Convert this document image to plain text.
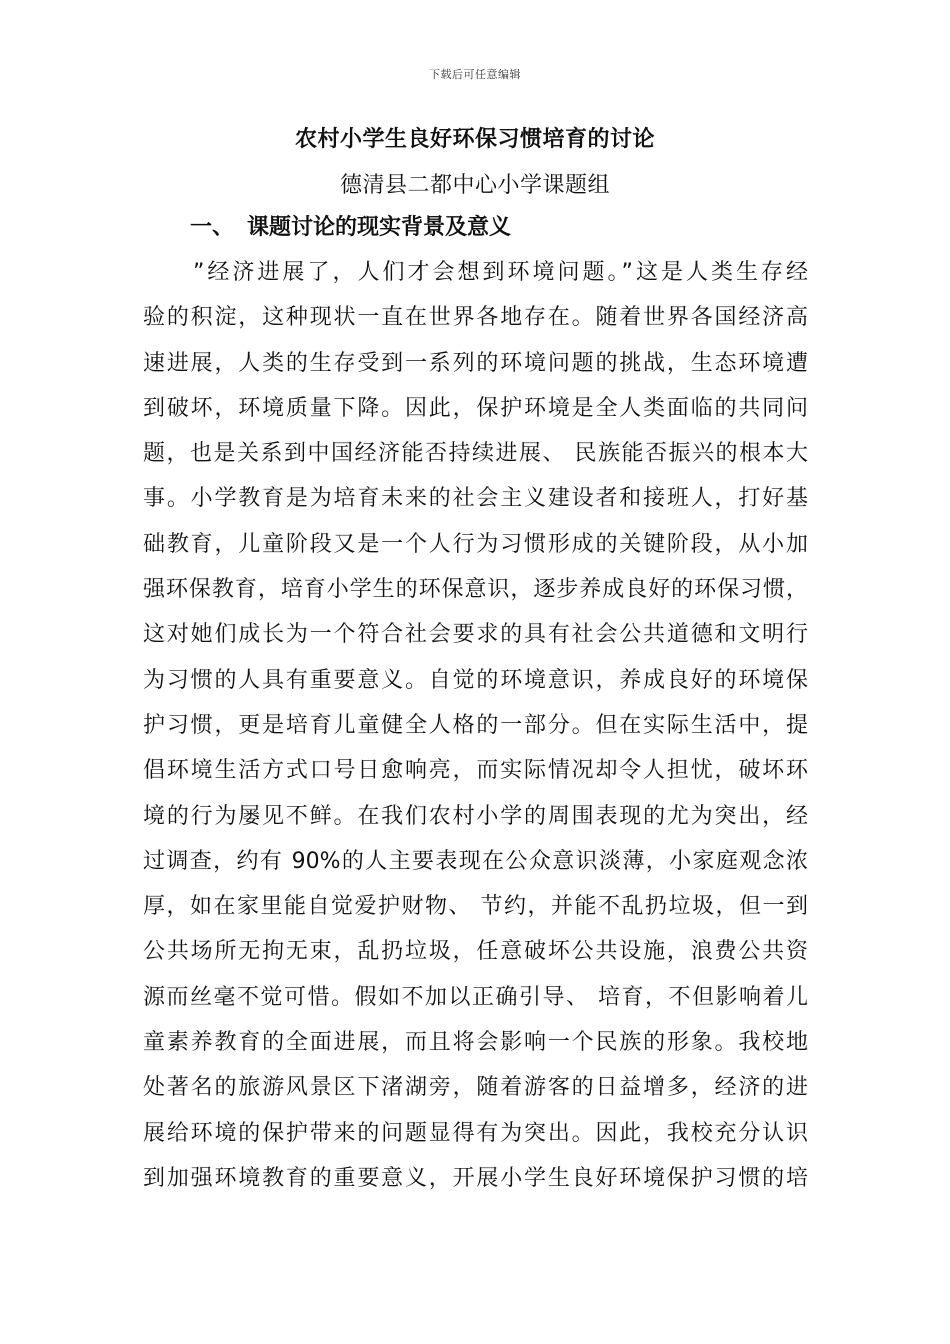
下载后可任意编辑
农村小学生良好环保习惯培育的讨论
德清县二都中心小学课题组
一、 课题讨论的现实背景及意义
”经济进展了，人们才会想到环境问题。”这是人类生存经
验的积淀，这种现状一直在世界各地存在。随着世界各国经济高
速进展，人类的生存受到一系列的环境问题的挑战，生态环境遭
到破坏，环境质量下降。因此，保护环境是全人类面临的共同问
题，也是关系到中国经济能否持续进展、 民族能否振兴的根本大
事。小学教育是为培育未来的社会主义建设者和接班人，打好基
础教育，儿童阶段又是一个人行为习惯形成的关键阶段，从小加
强环保教育，培育小学生的环保意识，逐步养成良好的环保习惯，
这对她们成长为一个符合社会要求的具有社会公共道德和文明行
为习惯的人具有重要意义。自觉的环境意识，养成良好的环境保
护习惯，更是培育儿童健全人格的一部分。但在实际生活中，提
倡环境生活方式口号日愈响亮，而实际情况却令人担忧，破坏环
境的行为屡见不鲜。在我们农村小学的周围表现的尤为突出，经
过调查，约有 90%的人主要表现在公众意识淡薄，小家庭观念浓
厚，如在家里能自觉爱护财物、 节约，并能不乱扔垃圾，但一到
公共场所无拘无束，乱扔垃圾，任意破坏公共设施，浪费公共资
源而丝毫不觉可惜。假如不加以正确引导、 培育，不但影响着儿
童素养教育的全面进展，而且将会影响一个民族的形象。我校地
处著名的旅游风景区下渚湖旁，随着游客的日益增多，经济的进
展给环境的保护带来的问题显得有为突出。因此，我校充分认识
到加强环境教育的重要意义，开展小学生良好环境保护习惯的培
